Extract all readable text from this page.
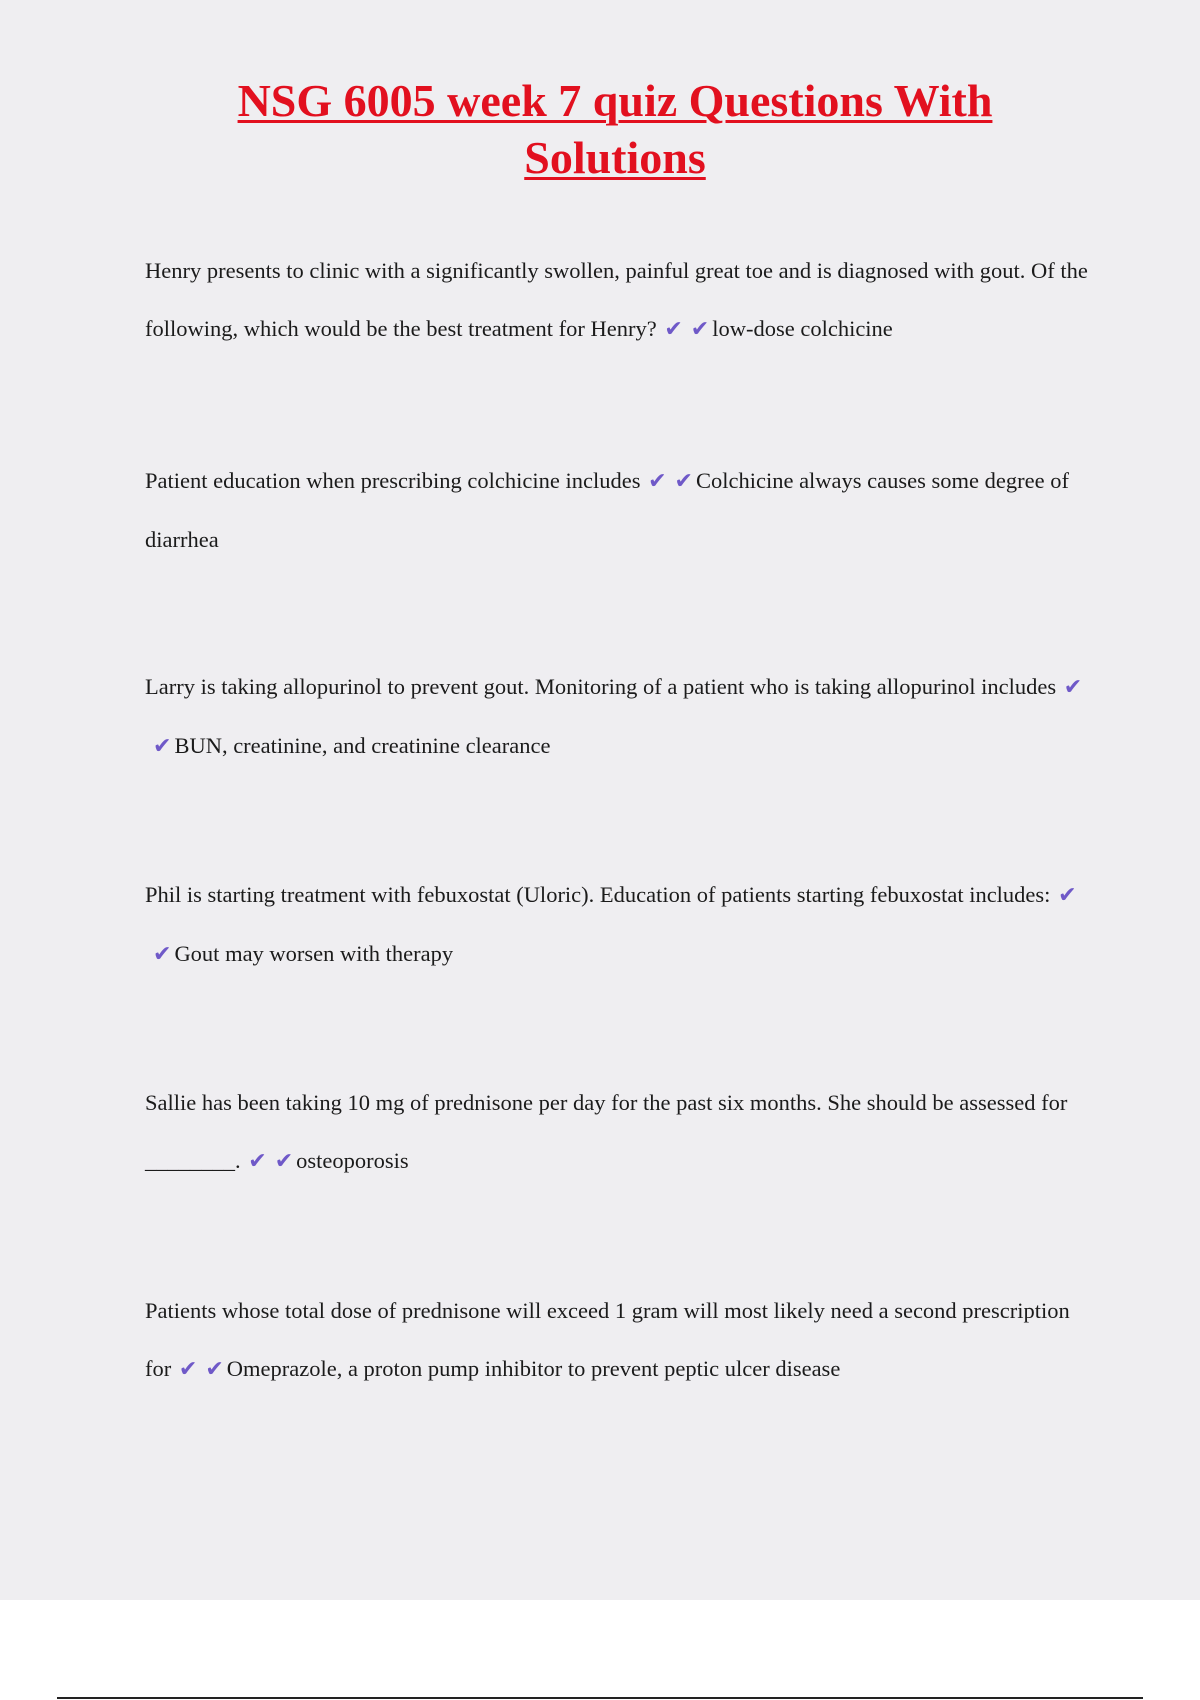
NSG 6005 week 7 quiz Questions With Solutions

Henry presents to clinic with a significantly swollen, painful great toe and is diagnosed with gout. Of the following, which would be the best treatment for Henry? ✔ ✔ low-dose colchicine

Patient education when prescribing colchicine includes ✔ ✔ Colchicine always causes some degree of diarrhea

Larry is taking allopurinol to prevent gout. Monitoring of a patient who is taking allopurinol includes ✔✔ BUN, creatinine, and creatinine clearance

Phil is starting treatment with febuxostat (Uloric). Education of patients starting febuxostat includes: ✔✔ Gout may worsen with therapy

Sallie has been taking 10 mg of prednisone per day for the past six months. She should be assessed for ________. ✔ ✔ osteoporosis

Patients whose total dose of prednisone will exceed 1 gram will most likely need a second prescription for ✔ ✔ Omeprazole, a proton pump inhibitor to prevent peptic ulcer disease
